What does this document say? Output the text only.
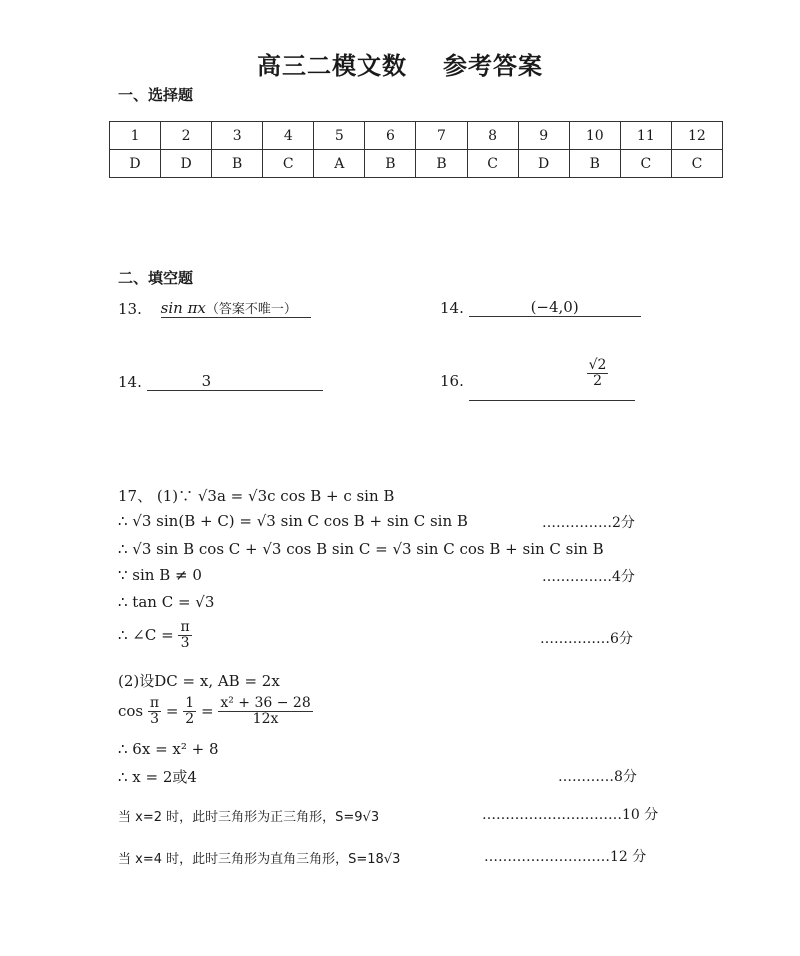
高三二模文数 参考答案
一、选择题
1	2	3	4	5	6	7	8	9	10	11	12
D	D	B	C	A	B	B	C	D	B	C	C
二、填空题
13. sin πx（答案不唯一）	14.	(−4,0)
14.	3	16.	$\frac{√2}{2}$
17、 (1)∵ √3a = √3c cos B + c sin B
∴ √3 sin(B + C) = √3 sin C cos B + sin C sin B	……………2分
∴ √3 sin B cos C + √3 cos B sin C = √3 sin C cos B + sin C sin B
∵ sin B ≠ 0	……………4分
∴ tan C = √3
∴ ∠C = $\frac{\pi}{3}$	……………6分
(2)设DC = x, AB = 2x
$\cos \frac{\pi}{3} = \frac{1}{2} = \frac{\text{x² + 36 − 28}}{12x}$
∴ 6x = x² + 8
∴ x = 2或4	…………8分
当 x=2 时，此时三角形为正三角形，S=9√3	…………………………10 分
当 x=4 时，此时三角形为直角三角形，S=18√3	………………………12 分
